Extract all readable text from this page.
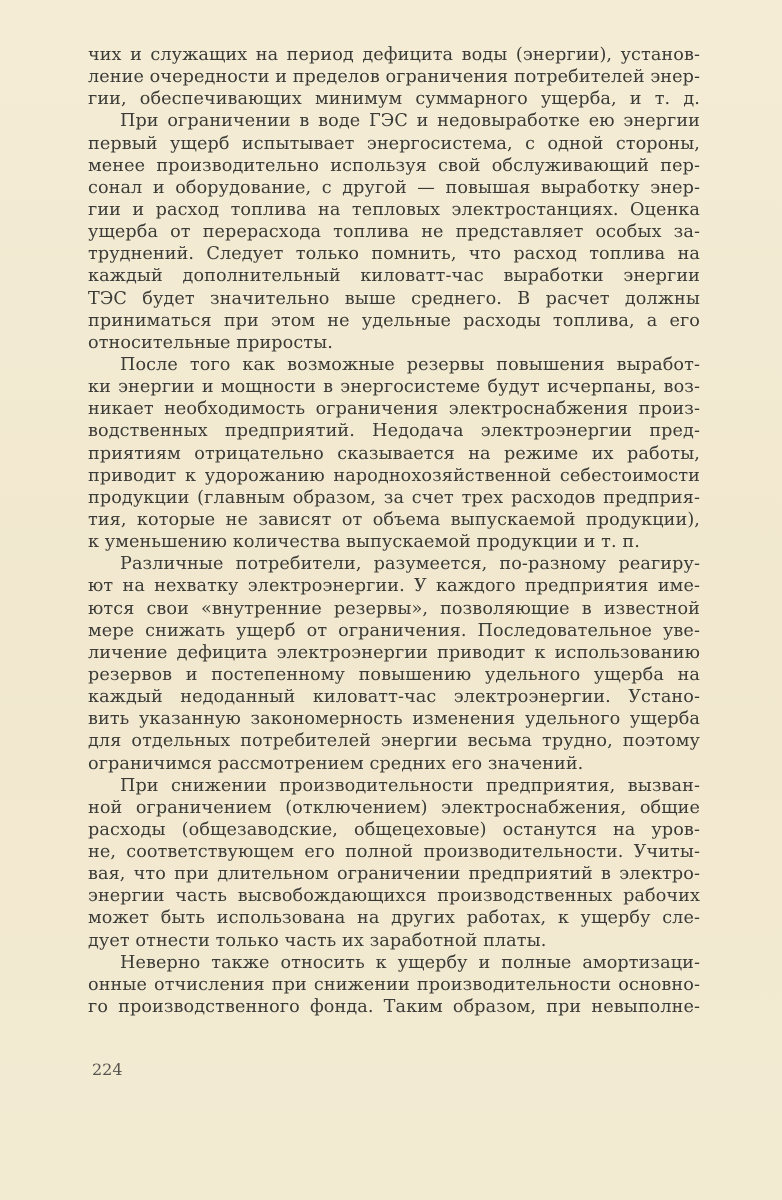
чих и служащих на период дефицита воды (энергии), установ-
ление очередности и пределов ограничения потребителей энер-
гии, обеспечивающих минимум суммарного ущерба, и т. д.
При ограничении в воде ГЭС и недовыработке ею энергии
первый ущерб испытывает энергосистема, с одной стороны,
менее производительно используя свой обслуживающий пер-
сонал и оборудование, с другой — повышая выработку энер-
гии и расход топлива на тепловых электростанциях. Оценка
ущерба от перерасхода топлива не представляет особых за-
труднений. Следует только помнить, что расход топлива на
каждый дополнительный киловатт-час выработки энергии
ТЭС будет значительно выше среднего. В расчет должны
приниматься при этом не удельные расходы топлива, а его
относительные приросты.
После того как возможные резервы повышения выработ-
ки энергии и мощности в энергосистеме будут исчерпаны, воз-
никает необходимость ограничения электроснабжения произ-
водственных предприятий. Недодача электроэнергии пред-
приятиям отрицательно сказывается на режиме их работы,
приводит к удорожанию народнохозяйственной себестоимости
продукции (главным образом, за счет трех расходов предприя-
тия, которые не зависят от объема выпускаемой продукции),
к уменьшению количества выпускаемой продукции и т. п.
Различные потребители, разумеется, по-разному реагиру-
ют на нехватку электроэнергии. У каждого предприятия име-
ются свои «внутренние резервы», позволяющие в известной
мере снижать ущерб от ограничения. Последовательное уве-
личение дефицита электроэнергии приводит к использованию
резервов и постепенному повышению удельного ущерба на
каждый недоданный киловатт-час электроэнергии. Устано-
вить указанную закономерность изменения удельного ущерба
для отдельных потребителей энергии весьма трудно, поэтому
ограничимся рассмотрением средних его значений.
При снижении производительности предприятия, вызван-
ной ограничением (отключением) электроснабжения, общие
расходы (общезаводские, общецеховые) останутся на уров-
не, соответствующем его полной производительности. Учиты-
вая, что при длительном ограничении предприятий в электро-
энергии часть высвобождающихся производственных рабочих
может быть использована на других работах, к ущербу сле-
дует отнести только часть их заработной платы.
Неверно также относить к ущербу и полные амортизаци-
онные отчисления при снижении производительности основно-
го производственного фонда. Таким образом, при невыполне-
224
